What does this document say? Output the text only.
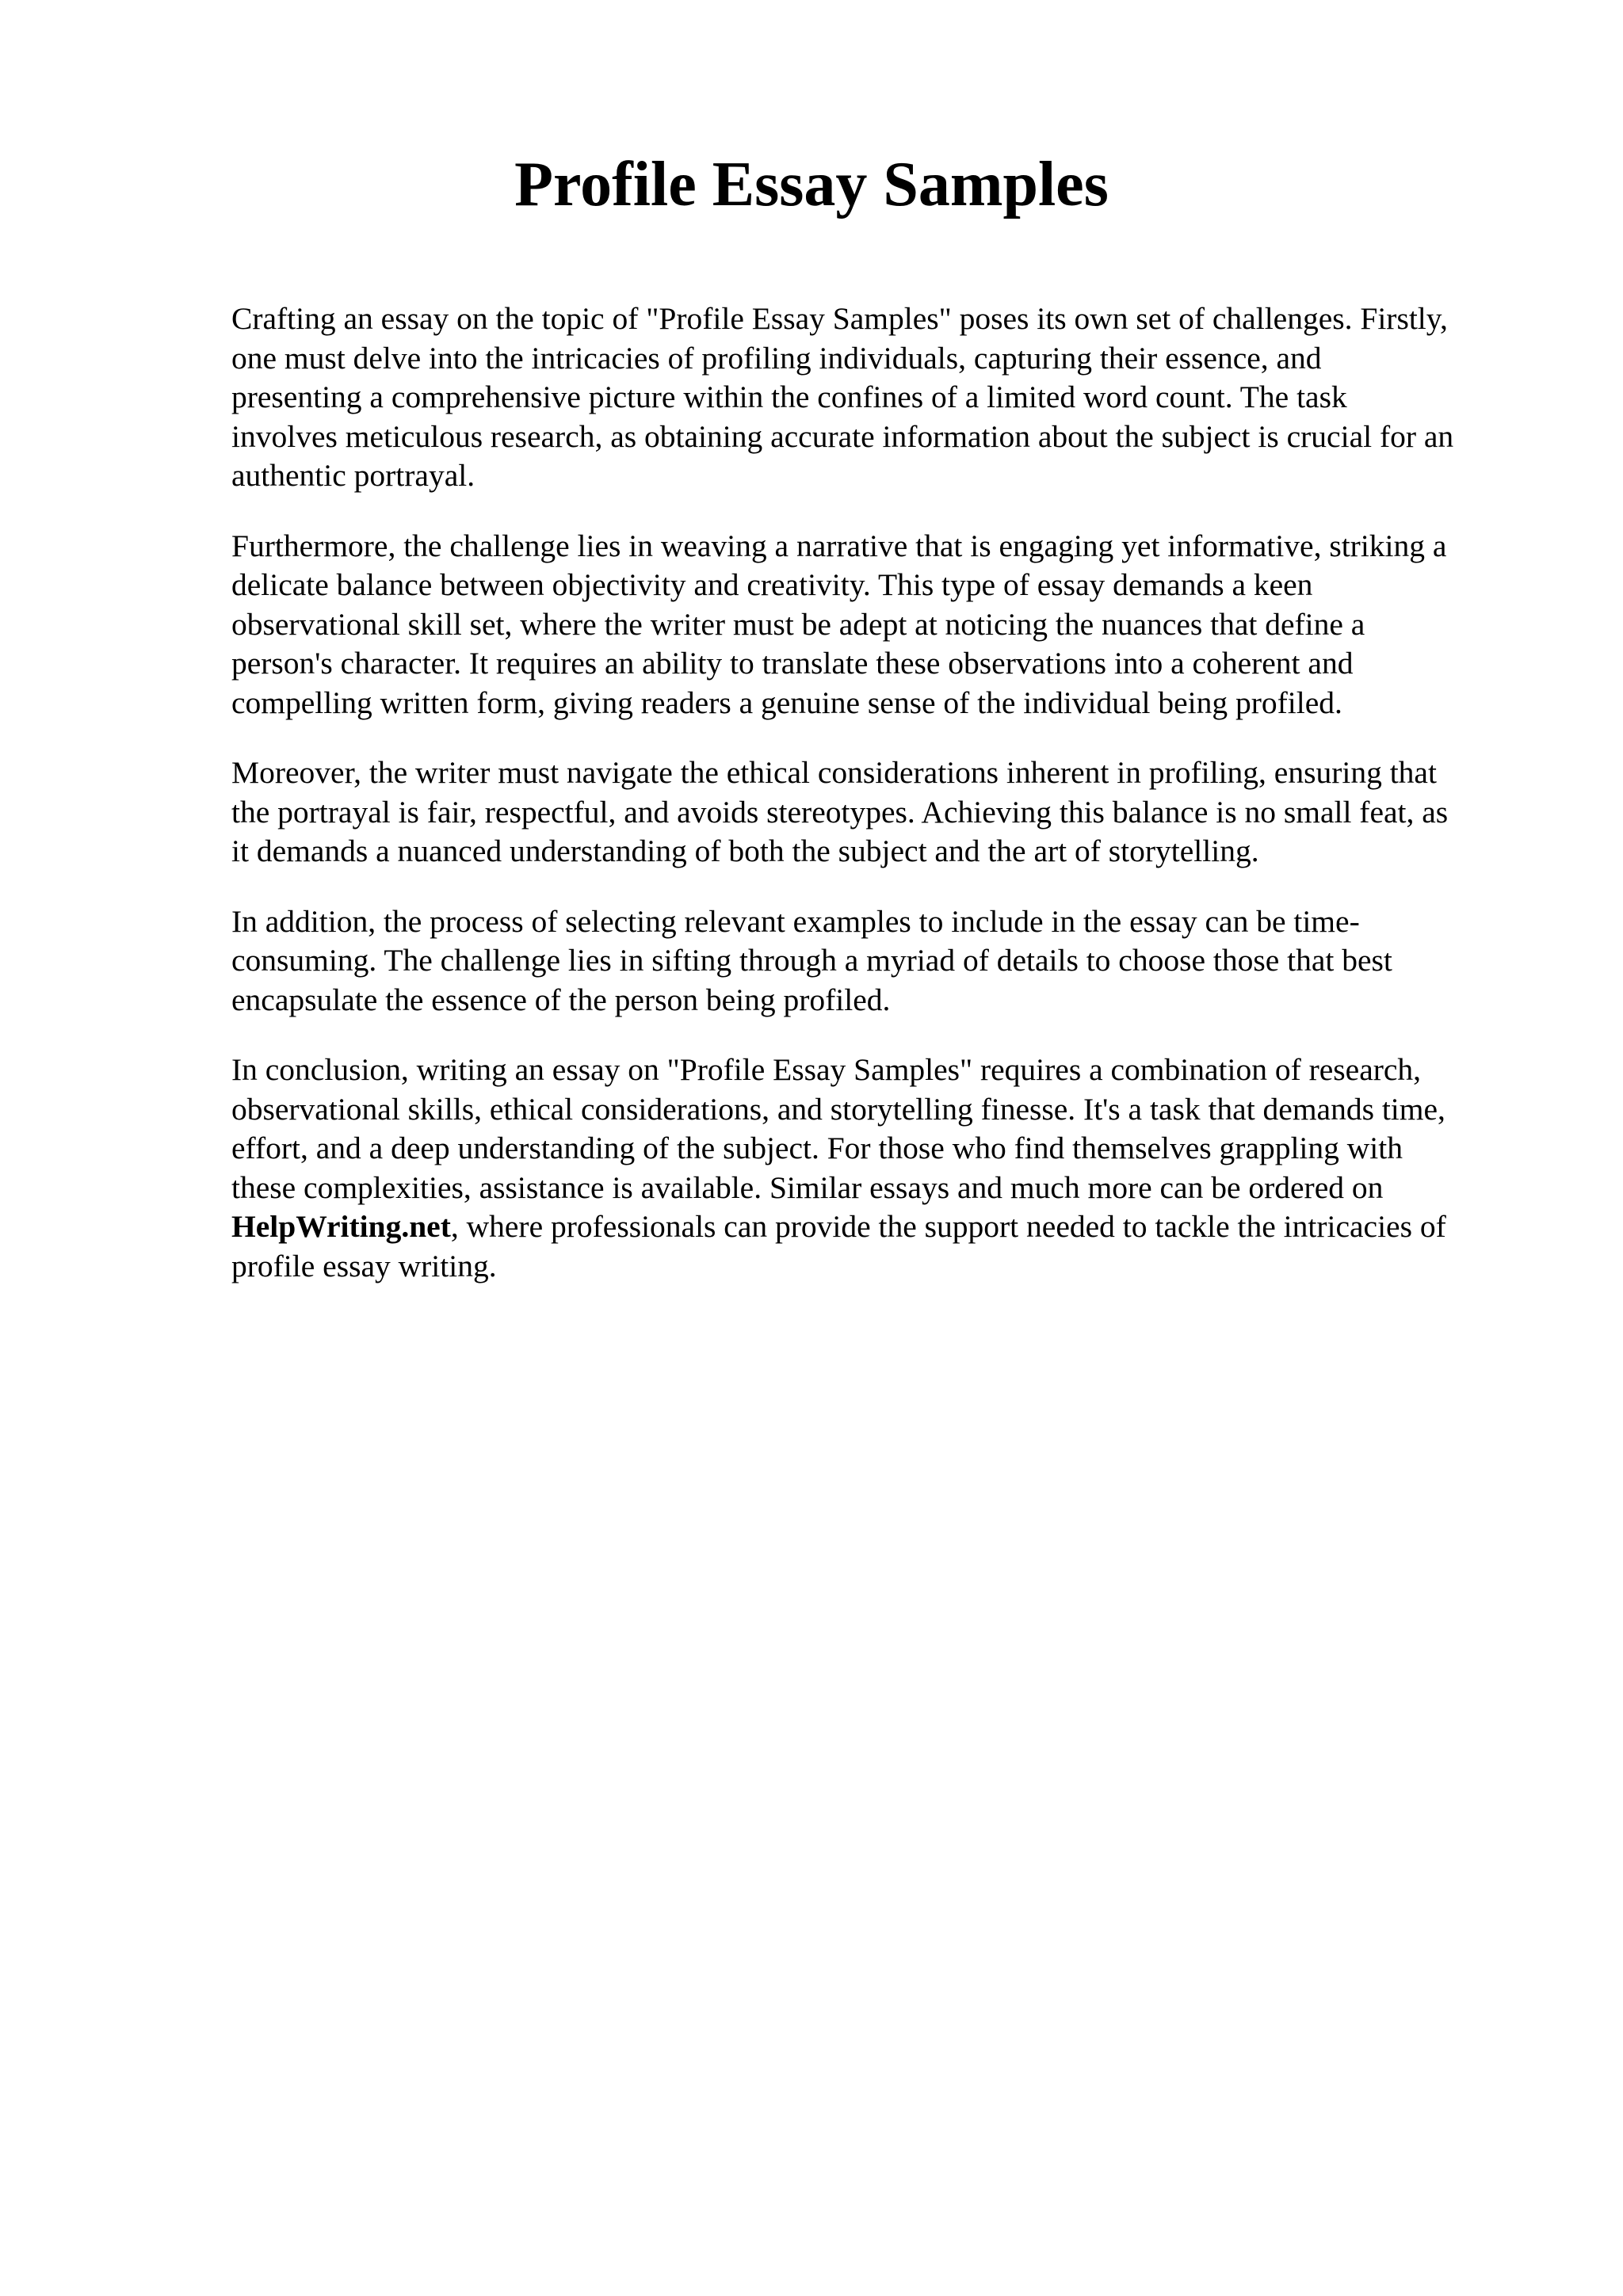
Profile Essay Samples

Crafting an essay on the topic of "Profile Essay Samples" poses its own set of challenges. Firstly,
one must delve into the intricacies of profiling individuals, capturing their essence, and
presenting a comprehensive picture within the confines of a limited word count. The task
involves meticulous research, as obtaining accurate information about the subject is crucial for an
authentic portrayal.

Furthermore, the challenge lies in weaving a narrative that is engaging yet informative, striking a
delicate balance between objectivity and creativity. This type of essay demands a keen
observational skill set, where the writer must be adept at noticing the nuances that define a
person's character. It requires an ability to translate these observations into a coherent and
compelling written form, giving readers a genuine sense of the individual being profiled.

Moreover, the writer must navigate the ethical considerations inherent in profiling, ensuring that
the portrayal is fair, respectful, and avoids stereotypes. Achieving this balance is no small feat, as
it demands a nuanced understanding of both the subject and the art of storytelling.

In addition, the process of selecting relevant examples to include in the essay can be time-
consuming. The challenge lies in sifting through a myriad of details to choose those that best
encapsulate the essence of the person being profiled.

In conclusion, writing an essay on "Profile Essay Samples" requires a combination of research,
observational skills, ethical considerations, and storytelling finesse. It's a task that demands time,
effort, and a deep understanding of the subject. For those who find themselves grappling with
these complexities, assistance is available. Similar essays and much more can be ordered on
HelpWriting.net, where professionals can provide the support needed to tackle the intricacies of
profile essay writing.
